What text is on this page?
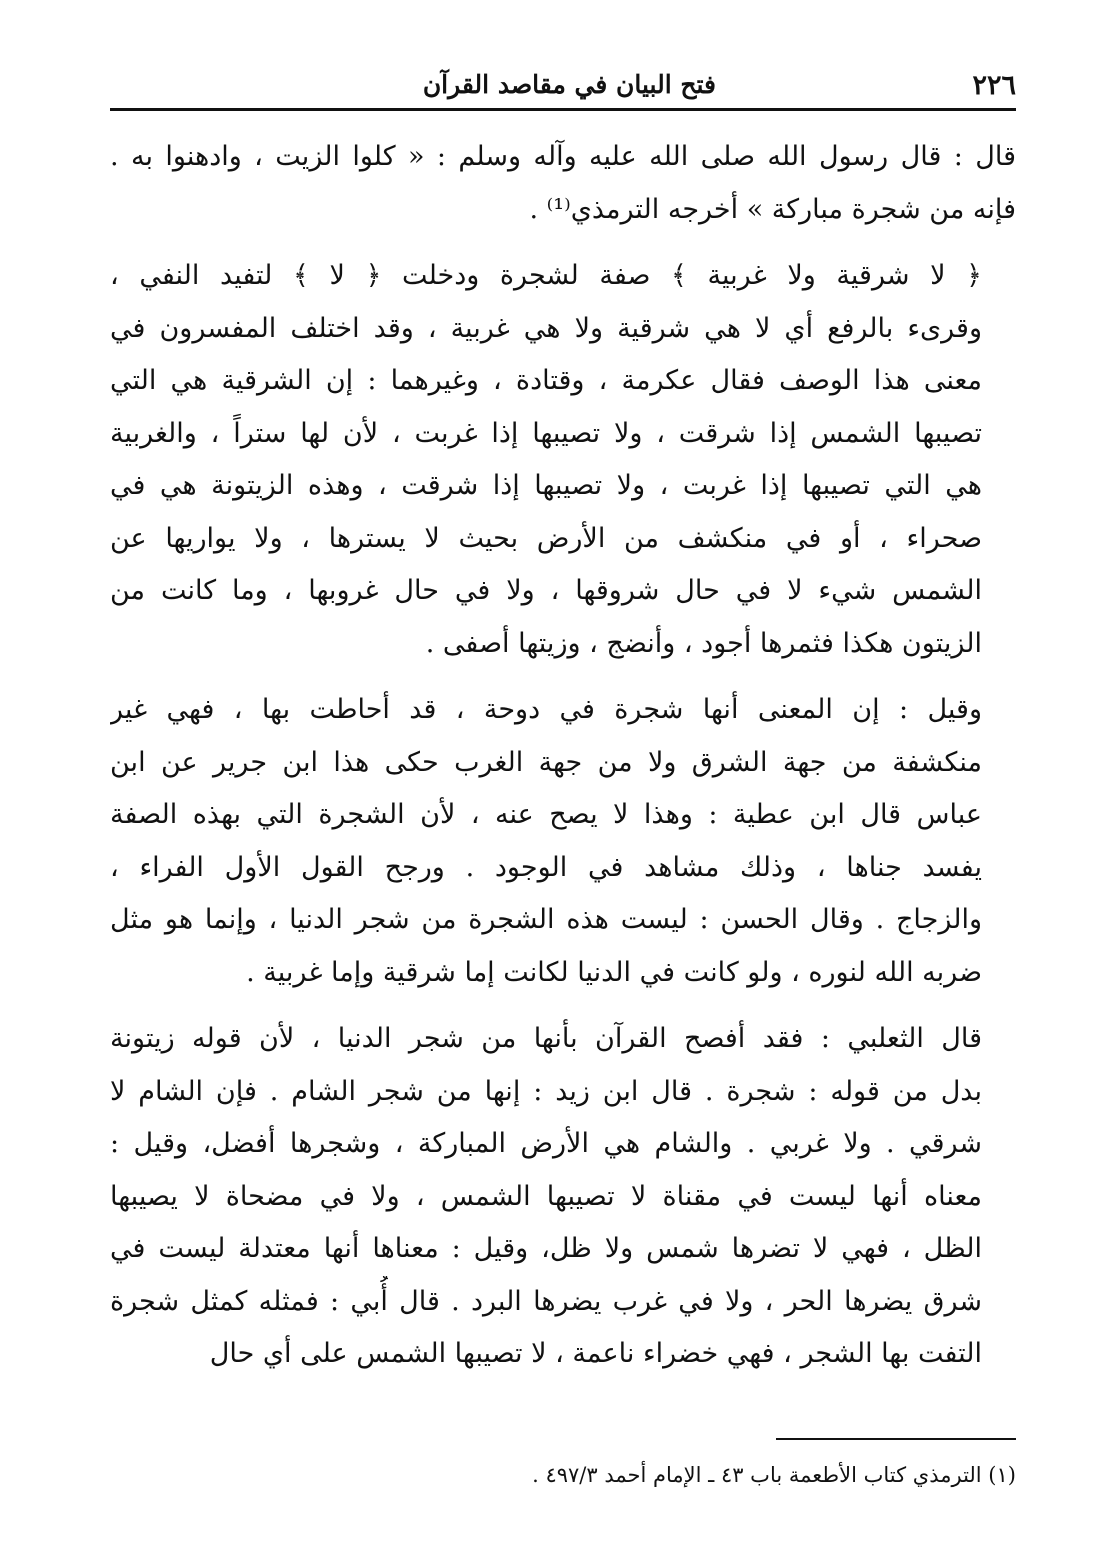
٢٢٦
فتح البيان في مقاصد القرآن
قال : قال رسول الله صلى الله عليه وآله وسلم : « كلوا الزيت ، وادهنوا به .
فإنه من شجرة مباركة » أخرجه الترمذي⁽¹⁾ .
﴿ لا شرقية ولا غربية ﴾ صفة لشجرة ودخلت ﴿ لا ﴾ لتفيد النفي ،
وقرىء بالرفع أي لا هي شرقية ولا هي غربية ، وقد اختلف المفسرون في
معنى هذا الوصف فقال عكرمة ، وقتادة ، وغيرهما : إن الشرقية هي التي
تصيبها الشمس إذا شرقت ، ولا تصيبها إذا غربت ، لأن لها ستراً ، والغربية
هي التي تصيبها إذا غربت ، ولا تصيبها إذا شرقت ، وهذه الزيتونة هي في
صحراء ، أو في منكشف من الأرض بحيث لا يسترها ، ولا يواريها عن
الشمس شيء لا في حال شروقها ، ولا في حال غروبها ، وما كانت من
الزيتون هكذا فثمرها أجود ، وأنضج ، وزيتها أصفى .
وقيل : إن المعنى أنها شجرة في دوحة ، قد أحاطت بها ، فهي غير
منكشفة من جهة الشرق ولا من جهة الغرب حكى هذا ابن جرير عن ابن
عباس قال ابن عطية : وهذا لا يصح عنه ، لأن الشجرة التي بهذه الصفة
يفسد جناها ، وذلك مشاهد في الوجود . ورجح القول الأول الفراء ،
والزجاج . وقال الحسن : ليست هذه الشجرة من شجر الدنيا ، وإنما هو مثل
ضربه الله لنوره ، ولو كانت في الدنيا لكانت إما شرقية وإما غربية .
قال الثعلبي : فقد أفصح القرآن بأنها من شجر الدنيا ، لأن قوله زيتونة
بدل من قوله : شجرة . قال ابن زيد : إنها من شجر الشام . فإن الشام لا
شرقي . ولا غربي . والشام هي الأرض المباركة ، وشجرها أفضل، وقيل :
معناه أنها ليست في مقناة لا تصيبها الشمس ، ولا في مضحاة لا يصيبها
الظل ، فهي لا تضرها شمس ولا ظل، وقيل : معناها أنها معتدلة ليست في
شرق يضرها الحر ، ولا في غرب يضرها البرد . قال أُبي : فمثله كمثل شجرة
التفت بها الشجر ، فهي خضراء ناعمة ، لا تصيبها الشمس على أي حال
(١) الترمذي كتاب الأطعمة باب ٤٣ ـ الإمام أحمد ٤٩٧/٣ .
